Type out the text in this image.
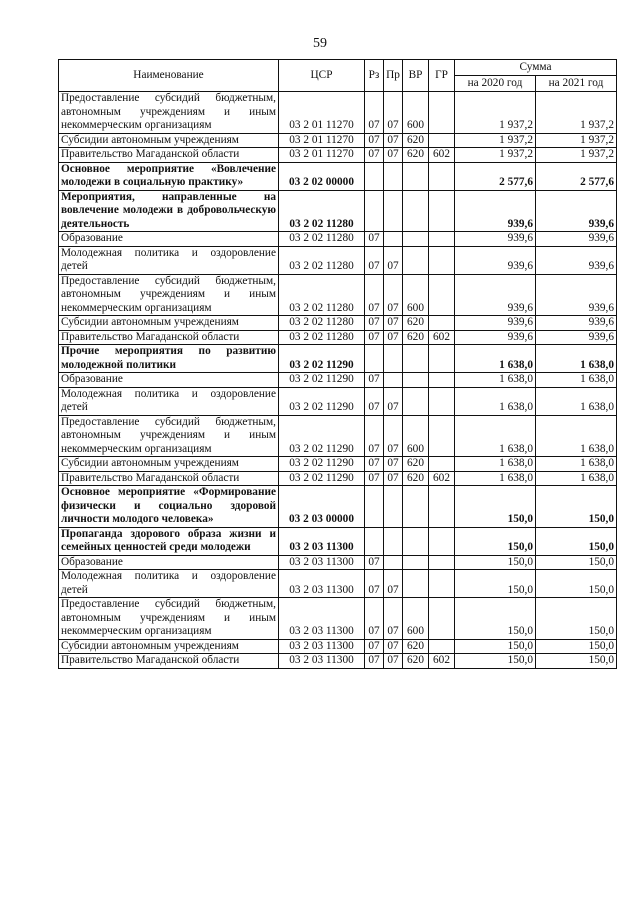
59
Наименование	ЦСР	Рз	Пр	ВР	ГР	Сумма	
						на 2020 год	на 2021 год
Предоставление субсидий бюджетным, автономным учреждениям и иным некоммерческим организациям	03 2 01 11270	07	07	600		1 937,2	1 937,2
Субсидии автономным учреждениям	03 2 01 11270	07	07	620		1 937,2	1 937,2
Правительство Магаданской области	03 2 01 11270	07	07	620	602	1 937,2	1 937,2
Основное мероприятие «Вовлечение молодежи в социальную практику»	03 2 02 00000					2 577,6	2 577,6
Мероприятия, направленные на вовлечение молодежи в добровольческую деятельность	03 2 02 11280					939,6	939,6
Образование	03 2 02 11280	07				939,6	939,6
Молодежная политика и оздоровление детей	03 2 02 11280	07	07			939,6	939,6
Предоставление субсидий бюджетным, автономным учреждениям и иным некоммерческим организациям	03 2 02 11280	07	07	600		939,6	939,6
Субсидии автономным учреждениям	03 2 02 11280	07	07	620		939,6	939,6
Правительство Магаданской области	03 2 02 11280	07	07	620	602	939,6	939,6
Прочие мероприятия по развитию молодежной политики	03 2 02 11290					1 638,0	1 638,0
Образование	03 2 02 11290	07				1 638,0	1 638,0
Молодежная политика и оздоровление детей	03 2 02 11290	07	07			1 638,0	1 638,0
Предоставление субсидий бюджетным, автономным учреждениям и иным некоммерческим организациям	03 2 02 11290	07	07	600		1 638,0	1 638,0
Субсидии автономным учреждениям	03 2 02 11290	07	07	620		1 638,0	1 638,0
Правительство Магаданской области	03 2 02 11290	07	07	620	602	1 638,0	1 638,0
Основное мероприятие «Формирование физически и социально здоровой личности молодого человека»	03 2 03 00000					150,0	150,0
Пропаганда здорового образа жизни и семейных ценностей среди молодежи	03 2 03 11300					150,0	150,0
Образование	03 2 03 11300	07				150,0	150,0
Молодежная политика и оздоровление детей	03 2 03 11300	07	07			150,0	150,0
Предоставление субсидий бюджетным, автономным учреждениям и иным некоммерческим организациям	03 2 03 11300	07	07	600		150,0	150,0
Субсидии автономным учреждениям	03 2 03 11300	07	07	620		150,0	150,0
Правительство Магаданской области	03 2 03 11300	07	07	620	602	150,0	150,0
